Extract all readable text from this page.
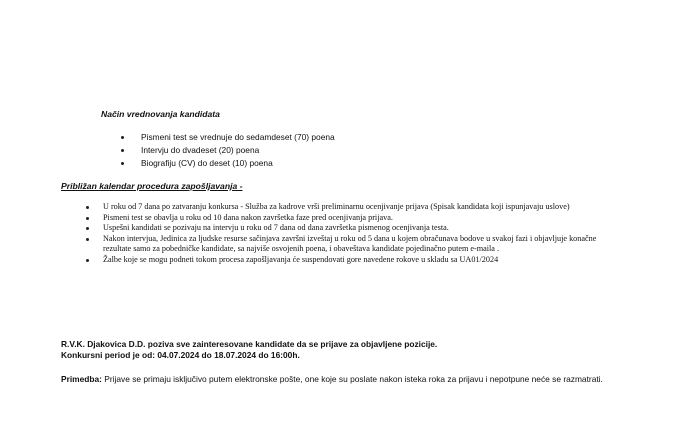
Način vrednovanja kandidata
Pismeni test se vrednuje do sedamdeset (70) poena
Intervju do dvadeset (20) poena
Biografiju (CV) do deset (10) poena
Približan kalendar procedura zapošljavanja -
U roku od 7 dana po zatvaranju konkursa - Služba za kadrove vrši preliminarnu ocenjivanje prijava (Spisak kandidata koji ispunjavaju uslove)
Pismeni test se obavlja u roku od 10 dana nakon završetka faze pred ocenjivanja prijava.
Uspešni kandidati se pozivaju na intervju u roku od 7 dana od dana završetka pismenog ocenjivanja testa.
Nakon intervjua, Jedinica za ljudske resurse sačinjava završni izveštaj u roku od 5 dana u kojem obračunava bodove u svakoj fazi i objavljuje konačne rezultate samo za pobedničke kandidate, sa najviše osvojenih poena, i obaveštava kandidate pojedinačno putem e-maila .
Žalbe koje se mogu podneti tokom procesa zapošljavanja će suspendovati gore navedene rokove u skladu sa UA01/2024
R.V.K. Djakovica D.D. poziva sve zainteresovane kandidate da se prijave za objavljene pozicije.
Konkursni period je od: 04.07.2024 do 18.07.2024 do 16:00h.
Primedba: Prijave se primaju isključivo putem elektronske pošte, one koje su poslate nakon isteka roka za prijavu i nepotpune neće se razmatrati.
